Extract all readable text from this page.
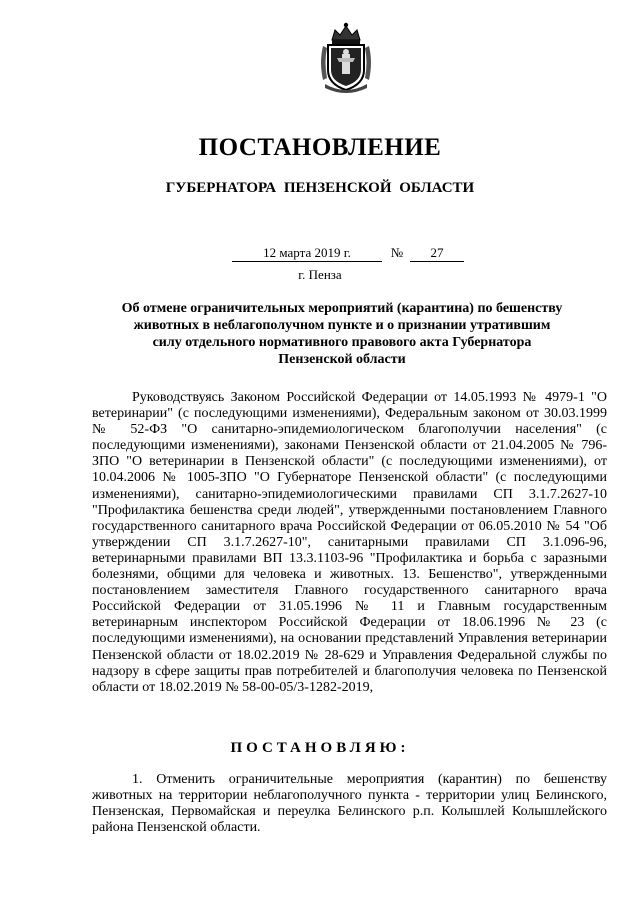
ПОСТАНОВЛЕНИЕ
ГУБЕРНАТОРА ПЕНЗЕНСКОЙ ОБЛАСТИ
12 марта 2019 г.	№	27
г. Пенза
Об отмене ограничительных мероприятий (карантина) по бешенству животных в неблагополучном пункте и о признании утратившим силу отдельного нормативного правового акта Губернатора Пензенской области
Руководствуясь Законом Российской Федерации от 14.05.1993 № 4979-1 "О ветеринарии" (с последующими изменениями), Федеральным законом от 30.03.1999 № 52-ФЗ "О санитарно-эпидемиологическом благополучии населения" (с последующими изменениями), законами Пензенской области от 21.04.2005 № 796-ЗПО "О ветеринарии в Пензенской области" (с последующими изменениями), от 10.04.2006 № 1005-ЗПО "О Губернаторе Пензенской области" (с последующими изменениями), санитарно-эпидемиологическими правилами СП 3.1.7.2627-10 "Профилактика бешенства среди людей", утвержденными постановлением Главного государственного санитарного врача Российской Федерации от 06.05.2010 № 54 "Об утверждении СП 3.1.7.2627-10", санитарными правилами СП 3.1.096-96, ветеринарными правилами ВП 13.3.1103-96 "Профилактика и борьба с заразными болезнями, общими для человека и животных. 13. Бешенство", утвержденными постановлением заместителя Главного государственного санитарного врача Российской Федерации от 31.05.1996 № 11 и Главным государственным ветеринарным инспектором Российской Федерации от 18.06.1996 № 23 (с последующими изменениями), на основании представлений Управления ветеринарии Пензенской области от 18.02.2019 № 28-629 и Управления Федеральной службы по надзору в сфере защиты прав потребителей и благополучия человека по Пензенской области от 18.02.2019 № 58-00-05/3-1282-2019,
ПОСТАНОВЛЯЮ:
1. Отменить ограничительные мероприятия (карантин) по бешенству животных на территории неблагополучного пункта - территории улиц Белинского, Пензенская, Первомайская и переулка Белинского р.п. Колышлей Колышлейского района Пензенской области.
